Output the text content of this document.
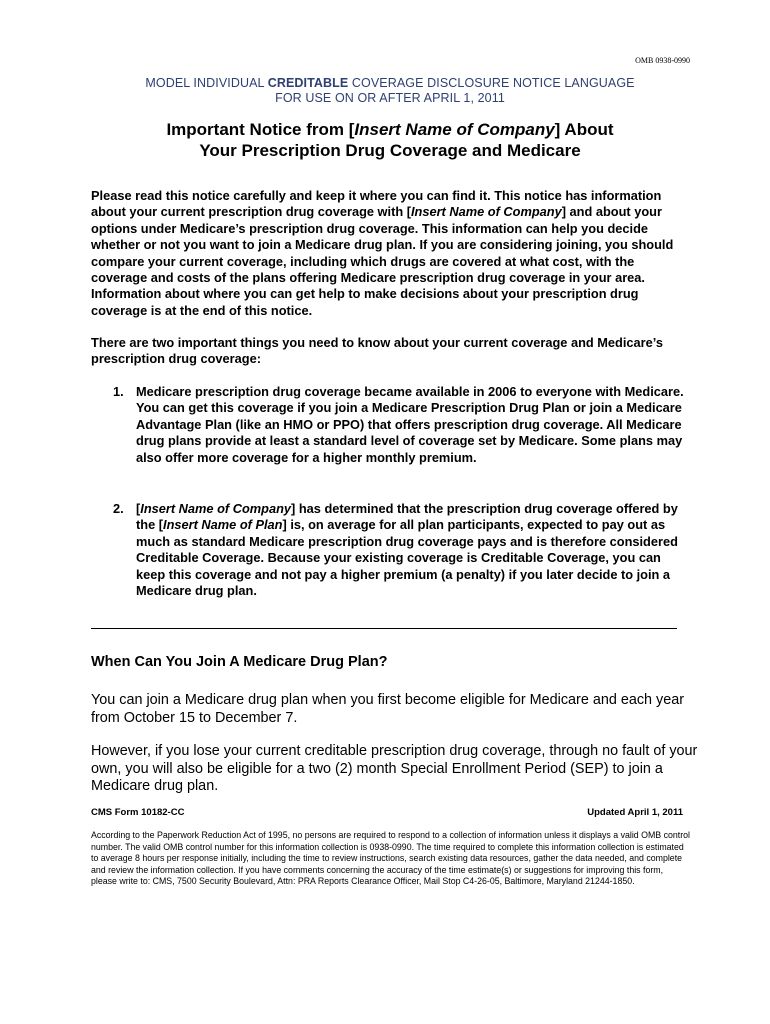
OMB 0938-0990
MODEL INDIVIDUAL CREDITABLE COVERAGE DISCLOSURE NOTICE LANGUAGE
FOR USE ON OR AFTER APRIL 1, 2011
Important Notice from [Insert Name of Company] About
Your Prescription Drug Coverage and Medicare
Please read this notice carefully and keep it where you can find it. This notice has information about your current prescription drug coverage with [Insert Name of Company] and about your options under Medicare’s prescription drug coverage. This information can help you decide whether or not you want to join a Medicare drug plan. If you are considering joining, you should compare your current coverage, including which drugs are covered at what cost, with the coverage and costs of the plans offering Medicare prescription drug coverage in your area. Information about where you can get help to make decisions about your prescription drug coverage is at the end of this notice.
There are two important things you need to know about your current coverage and Medicare’s prescription drug coverage:
1. Medicare prescription drug coverage became available in 2006 to everyone with Medicare. You can get this coverage if you join a Medicare Prescription Drug Plan or join a Medicare Advantage Plan (like an HMO or PPO) that offers prescription drug coverage. All Medicare drug plans provide at least a standard level of coverage set by Medicare. Some plans may also offer more coverage for a higher monthly premium.
2. [Insert Name of Company] has determined that the prescription drug coverage offered by the [Insert Name of Plan] is, on average for all plan participants, expected to pay out as much as standard Medicare prescription drug coverage pays and is therefore considered Creditable Coverage. Because your existing coverage is Creditable Coverage, you can keep this coverage and not pay a higher premium (a penalty) if you later decide to join a Medicare drug plan.
When Can You Join A Medicare Drug Plan?
You can join a Medicare drug plan when you first become eligible for Medicare and each year from October 15 to December 7.
However, if you lose your current creditable prescription drug coverage, through no fault of your own, you will also be eligible for a two (2) month Special Enrollment Period (SEP) to join a Medicare drug plan.
CMS Form 10182-CC	Updated April 1, 2011
According to the Paperwork Reduction Act of 1995, no persons are required to respond to a collection of information unless it displays a valid OMB control number. The valid OMB control number for this information collection is 0938-0990. The time required to complete this information collection is estimated to average 8 hours per response initially, including the time to review instructions, search existing data resources, gather the data needed, and complete and review the information collection. If you have comments concerning the accuracy of the time estimate(s) or suggestions for improving this form, please write to: CMS, 7500 Security Boulevard, Attn: PRA Reports Clearance Officer, Mail Stop C4-26-05, Baltimore, Maryland 21244-1850.
